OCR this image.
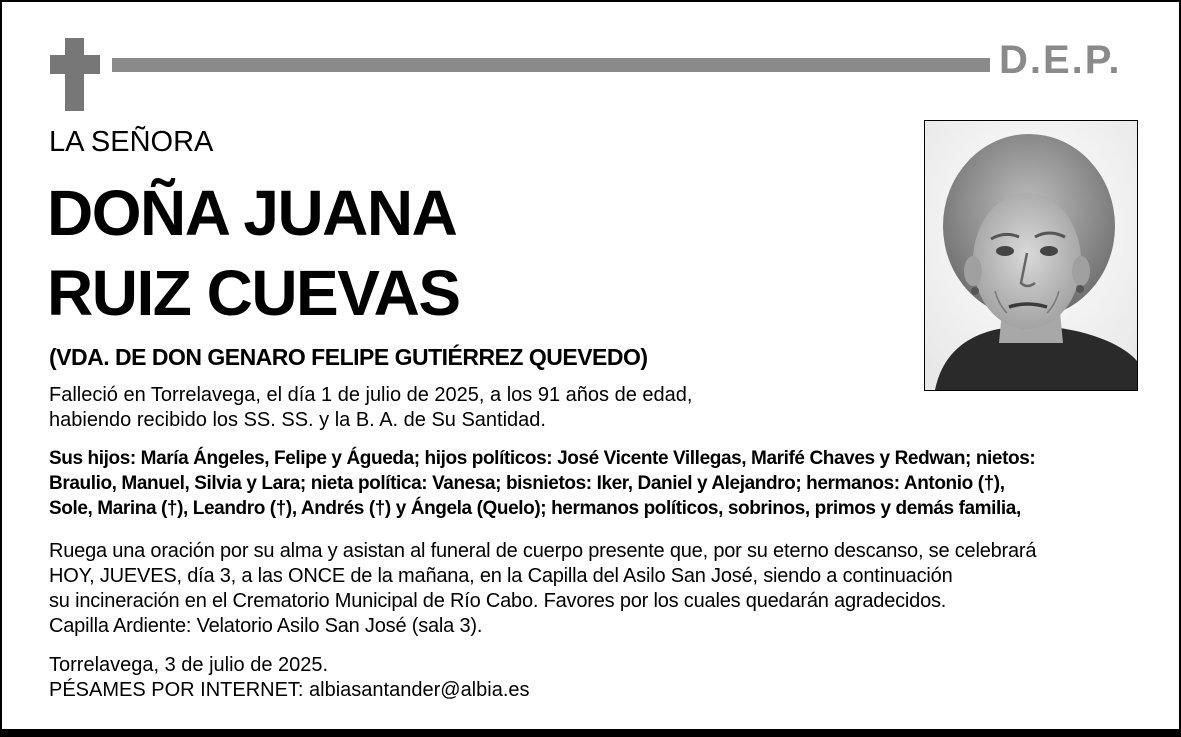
D.E.P.
LA SEÑORA
DOÑA JUANA
RUIZ CUEVAS
(VDA. DE DON GENARO FELIPE GUTIÉRREZ QUEVEDO)
Falleció en Torrelavega, el día 1 de julio de 2025, a los 91 años de edad,
habiendo recibido los SS. SS. y la B. A. de Su Santidad.
Sus hijos: María Ángeles, Felipe y Águeda; hijos políticos: José Vicente Villegas, Marifé Chaves y Redwan; nietos:
Braulio, Manuel, Silvia y Lara; nieta política: Vanesa; bisnietos: Iker, Daniel y Alejandro; hermanos: Antonio (†),
Sole, Marina (†), Leandro (†), Andrés (†) y Ángela (Quelo); hermanos políticos, sobrinos, primos y demás familia,
Ruega una oración por su alma y asistan al funeral de cuerpo presente que, por su eterno descanso, se celebrará
HOY, JUEVES, día 3, a las ONCE de la mañana, en la Capilla del Asilo San José, siendo a continuación
su incineración en el Crematorio Municipal de Río Cabo. Favores por los cuales quedarán agradecidos.
Capilla Ardiente: Velatorio Asilo San José (sala 3).
Torrelavega, 3 de julio de 2025.
PÉSAMES POR INTERNET: albiasantander@albia.es
